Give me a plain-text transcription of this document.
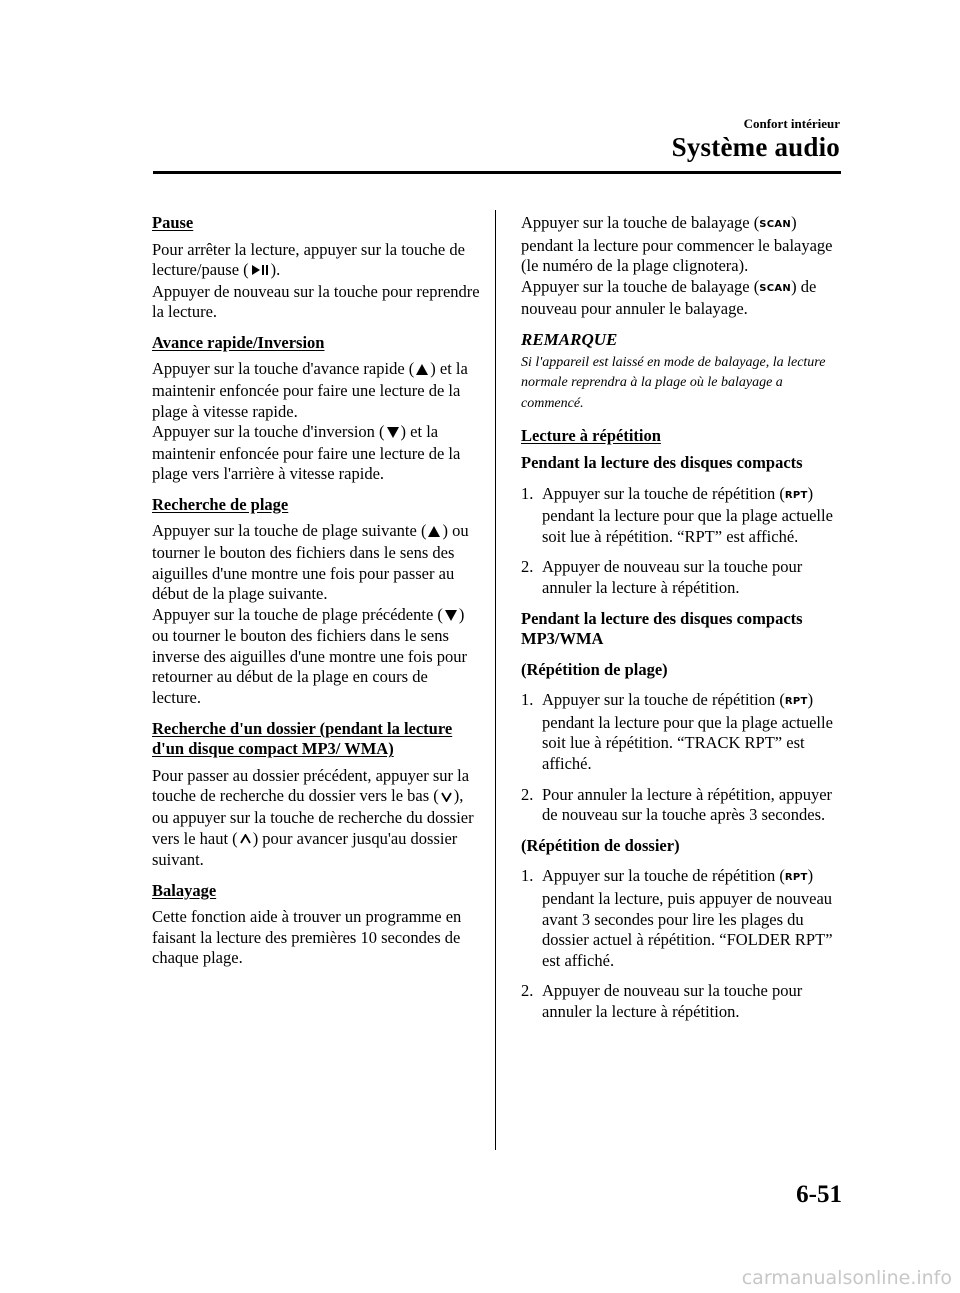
Confort intérieur
Système audio
Pause

Pour arrêter la lecture, appuyer sur la touche de lecture/pause ( ).

Appuyer de nouveau sur la touche pour reprendre la lecture.

Avance rapide/Inversion

Appuyer sur la touche d'avance rapide ( ) et la maintenir enfoncée pour faire une lecture de la plage à vitesse rapide.

Appuyer sur la touche d'inversion ( ) et la maintenir enfoncée pour faire une lecture de la plage vers l'arrière à vitesse rapide.

Recherche de plage

Appuyer sur la touche de plage suivante ( ) ou tourner le bouton des fichiers dans le sens des aiguilles d'une montre une fois pour passer au début de la plage suivante.

Appuyer sur la touche de plage précédente ( ) ou tourner le bouton des fichiers dans le sens inverse des aiguilles d'une montre une fois pour retourner au début de la plage en cours de lecture.

Recherche d'un dossier (pendant la lecture d'un disque compact MP3/ WMA)

Pour passer au dossier précédent, appuyer sur la touche de recherche du dossier vers le bas ( ), ou appuyer sur la touche de recherche du dossier vers le haut ( ) pour avancer jusqu'au dossier suivant.

Balayage

Cette fonction aide à trouver un programme en faisant la lecture des premières 10 secondes de chaque plage.

Appuyer sur la touche de balayage (SCAN) pendant la lecture pour commencer le balayage (le numéro de la plage clignotera).

Appuyer sur la touche de balayage (SCAN) de nouveau pour annuler le balayage.

REMARQUE

Si l'appareil est laissé en mode de balayage, la lecture normale reprendra à la plage où le balayage a commencé.

Lecture à répétition
Pendant la lecture des disques compacts
1. Appuyer sur la touche de répétition (RPT) pendant la lecture pour que la plage actuelle soit lue à répétition. “RPT” est affiché.
2. Appuyer de nouveau sur la touche pour annuler la lecture à répétition.
Pendant la lecture des disques compacts MP3/WMA
(Répétition de plage)
1. Appuyer sur la touche de répétition (RPT) pendant la lecture pour que la plage actuelle soit lue à répétition. “TRACK RPT” est affiché.
2. Pour annuler la lecture à répétition, appuyer de nouveau sur la touche après 3 secondes.
(Répétition de dossier)
1. Appuyer sur la touche de répétition (RPT) pendant la lecture, puis appuyer de nouveau avant 3 secondes pour lire les plages du dossier actuel à répétition. “FOLDER RPT” est affiché.
2. Appuyer de nouveau sur la touche pour annuler la lecture à répétition.
6-51
carmanualsonline.info
